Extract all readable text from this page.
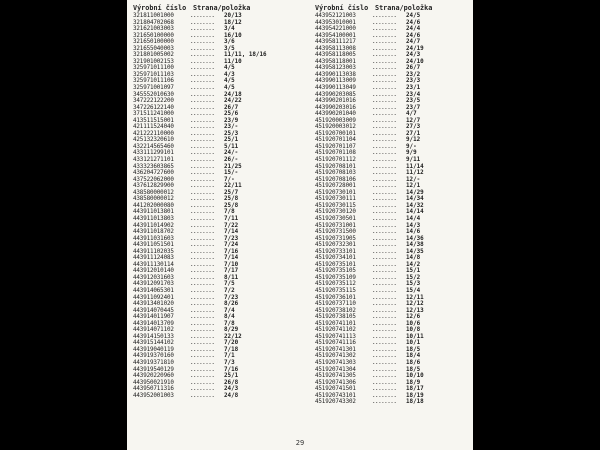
Výrobní číslo Strana/položka
321811001000	........	20/13
321804702068	........	18/12
321621003003	........	3/4
321650100000	........	16/10
321650100000	........	3/6
321655040003	........	3/5
321801005002	........	11/11, 18/16
321901002153	........	11/10
325971011100	........	4/5
325971011103	........	4/3
325971011106	........	4/5
325971001097	........	4/5
345552010630	........	24/18
347222122200	........	24/22
347226122140	........	26/7
371511241000	........	25/6
413511515001	........	23/9
421111524040	........	23/-
421222110000	........	25/3
425132320610	........	25/1
432214565460	........	5/11
433111299101	........	24/-
433121271101	........	26/-
433323603865	........	21/25
436204727600	........	15/-
437522062000	........	7/-
437612829900	........	22/11
438580000012	........	25/7
438580000012	........	25/8
441202000080	........	25/8
443911013801	........	7/8
443911013803	........	7/11
443911014902	........	7/22
443911018702	........	7/14
443911031603	........	7/23
443911051501	........	7/24
443911102035	........	7/16
443911124083	........	7/14
443911130114	........	7/10
443912010140	........	7/17
443912031603	........	8/11
443912091703	........	7/5
443914065301	........	7/2
443911092401	........	7/23
443913401020	........	8/26
443914070445	........	7/4
443914011907	........	8/4
443914013709	........	7/8
443914071102	........	8/29
443914150133	........	22/12
443915144102	........	7/20
443919040119	........	7/18
443919370160	........	7/1
443919371810	........	7/3
443919540129	........	7/16
443920220960	........	25/1
443950021910	........	26/8
443950711316	........	24/3
443952001003	........	24/8
Výrobní číslo Strana/položka
443952121003	........	24/5
443953010001	........	24/6
443954221000	........	24/4
443954100001	........	24/6
443958111217	........	24/7
443958113008	........	24/19
443958118005	........	24/3
443958118001	........	24/10
443958123003	........	26/7
443990113038	........	23/2
443990113009	........	23/3
443990113049	........	23/1
443990203085	........	23/4
443990201016	........	23/5
443990203016	........	23/7
443990201040	........	4/7
451920003009	........	12/7
451920003012	........	27/3
451920700101	........	27/1
451920701104	........	9/12
451920701107	........	9/-
451920701108	........	9/9
451920701112	........	9/11
451920708101	........	11/14
451920708103	........	11/12
451920708106	........	12/-
451920728001	........	12/1
451920730101	........	14/29
451920730111	........	14/34
451920730115	........	14/32
451920730120	........	14/14
451920730501	........	14/4
451920731001	........	14/3
451920731500	........	14/6
451920731905	........	14/36
451920732301	........	14/38
451920733101	........	14/35
451920734101	........	14/8
451920735101	........	14/2
451920735105	........	15/1
451920735109	........	15/2
451920735112	........	15/3
451920735115	........	15/4
451920736101	........	12/11
451920737110	........	12/12
451920738102	........	12/13
451920738105	........	12/6
451920741101	........	10/6
451920741102	........	10/8
451920741113	........	10/11
451920741116	........	10/1
451920741301	........	18/5
451920741302	........	18/4
451920741303	........	18/6
451920741304	........	18/5
451920741305	........	10/10
451920741306	........	18/9
451920741501	........	18/17
451920743101	........	18/19
451920743302	........	18/18
29
